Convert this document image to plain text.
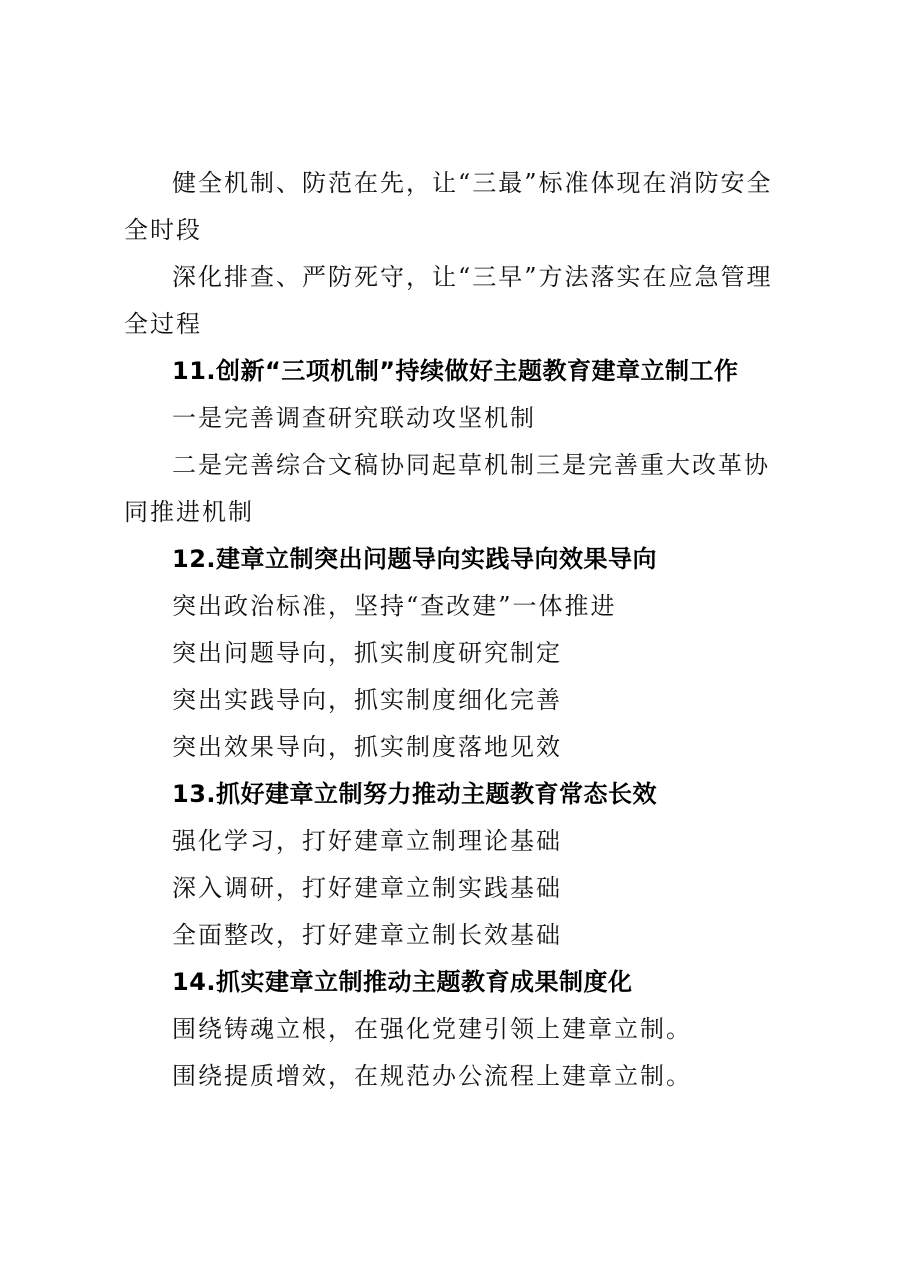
健全机制、防范在先，让“三最”标准体现在消防安全全时段

深化排查、严防死守，让“三早”方法落实在应急管理全过程

11.创新“三项机制”持续做好主题教育建章立制工作

一是完善调查研究联动攻坚机制

二是完善综合文稿协同起草机制三是完善重大改革协同推进机制

12.建章立制突出问题导向实践导向效果导向

突出政治标准，坚持“查改建”一体推进

突出问题导向，抓实制度研究制定

突出实践导向，抓实制度细化完善

突出效果导向，抓实制度落地见效

13.抓好建章立制努力推动主题教育常态长效

强化学习，打好建章立制理论基础

深入调研，打好建章立制实践基础

全面整改，打好建章立制长效基础

14.抓实建章立制推动主题教育成果制度化

围绕铸魂立根，在强化党建引领上建章立制。

围绕提质增效，在规范办公流程上建章立制。
